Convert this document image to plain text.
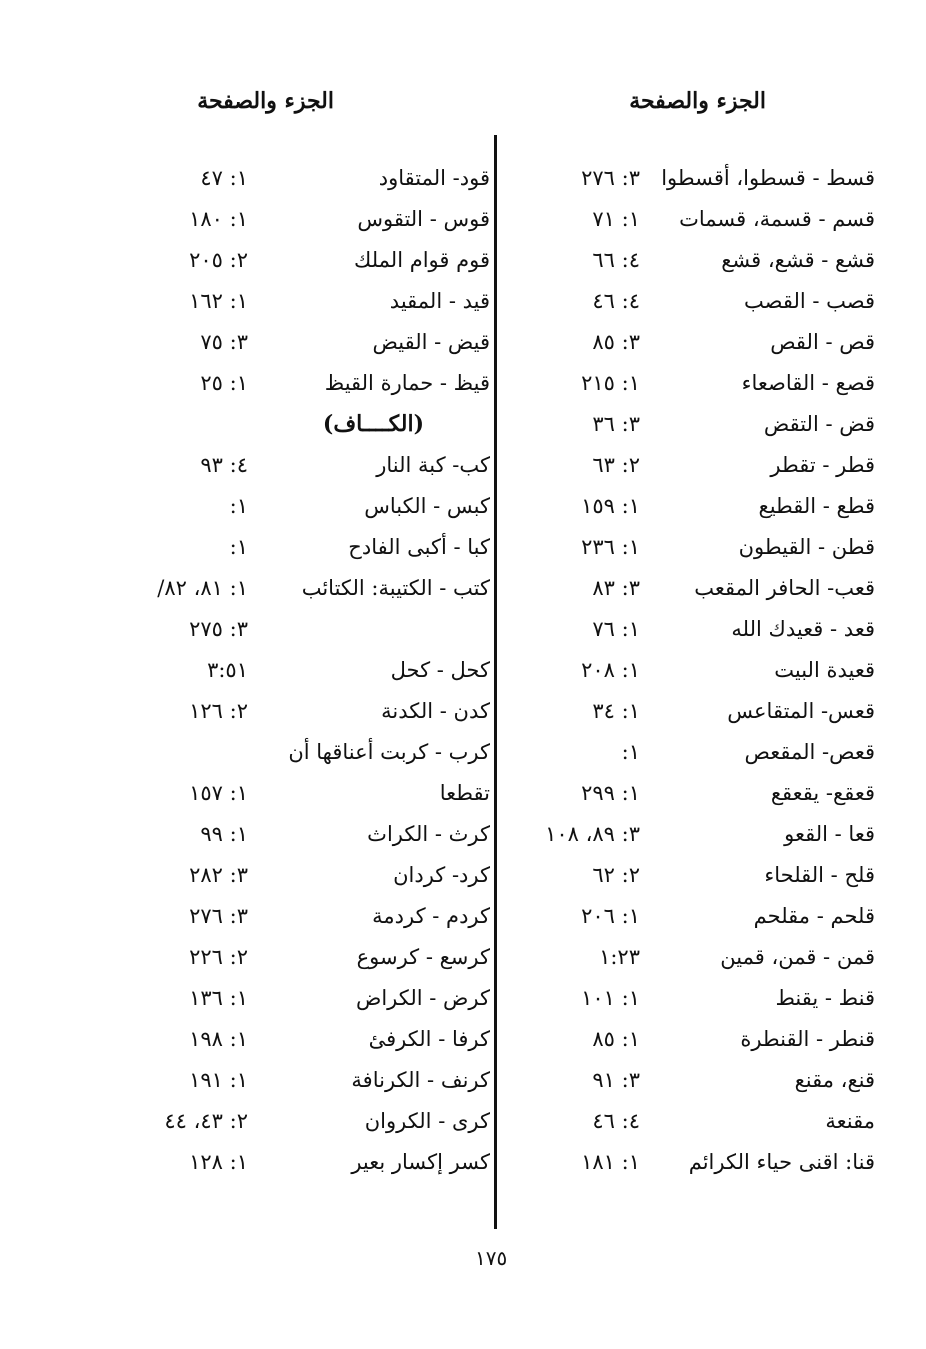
الجزء والصفحة
الجزء والصفحة
قسط - قسطوا، أقسطوا
٣: ٢٧٦
قسم - قسمة، قسمات
١: ٧١
قشع - قشع، قشع
٤: ٦٦
قصب - القصب
٤: ٤٦
قص - القص
٣: ٨٥
قصع - القاصعاء
١: ٢١٥
قض - التقض
٣: ٣٦
قطر - تقطر
٢: ٦٣
قطع - القطيع
١: ١٥٩
قطن - القيطون
١: ٢٣٦
قعب- الحافر المقعب
٣: ٨٣
قعد - قعيدك الله
١: ٧٦
قعيدة البيت
١: ٢٠٨
قعس- المتقاعس
١: ٣٤
قعص- المقعص
١:
قعقع- يقعقع
١: ٢٩٩
قعا - القعو
٣: ٨٩، ١٠٨
قلح - القلحاء
٢: ٦٢
قلحم - مقلحم
١: ٢٠٦
قمن - قمن، قمين
١:٢٣
قنط - يقنط
١: ١٠١
قنطر - القنطرة
١: ٨٥
قنع، مقنع
٣: ٩١
مقنعة
٤: ٤٦
قنا: اقنى حياء الكرائم
١: ١٨١
قود- المتقاود
١: ٤٧
قوس - التقوس
١: ١٨٠
قوم قوام الملك
٢: ٢٠٥
قيد - المقيد
١: ١٦٢
قيض - القيض
٣: ٧٥
قيظ - حمارة القيظ
١: ٢٥
(الكــــاف)
كب- كبة النار
٤: ٩٣
كبس - الكباس
١:
كبا - أكبى الفادح
١:
كتب - الكتيبة: الكتائب
١: ٨١، ٨٢/
٣: ٢٧٥
كحل - كحل
٣:٥١
كدن - الكدنة
٢: ١٢٦
كرب - كربت أعناقها أن
تقطعا
١: ١٥٧
كرث - الكراث
١: ٩٩
كرد- كردان
٣: ٢٨٢
كردم - كردمة
٣: ٢٧٦
كرسع - كرسوع
٢: ٢٢٦
كرض - الكراض
١: ١٣٦
كرفا - الكرفئ
١: ١٩٨
كرنف - الكرنافة
١: ١٩١
كرى - الكروان
٢: ٤٣، ٤٤
كسر إكسار بعير
١: ١٢٨
١٧٥
